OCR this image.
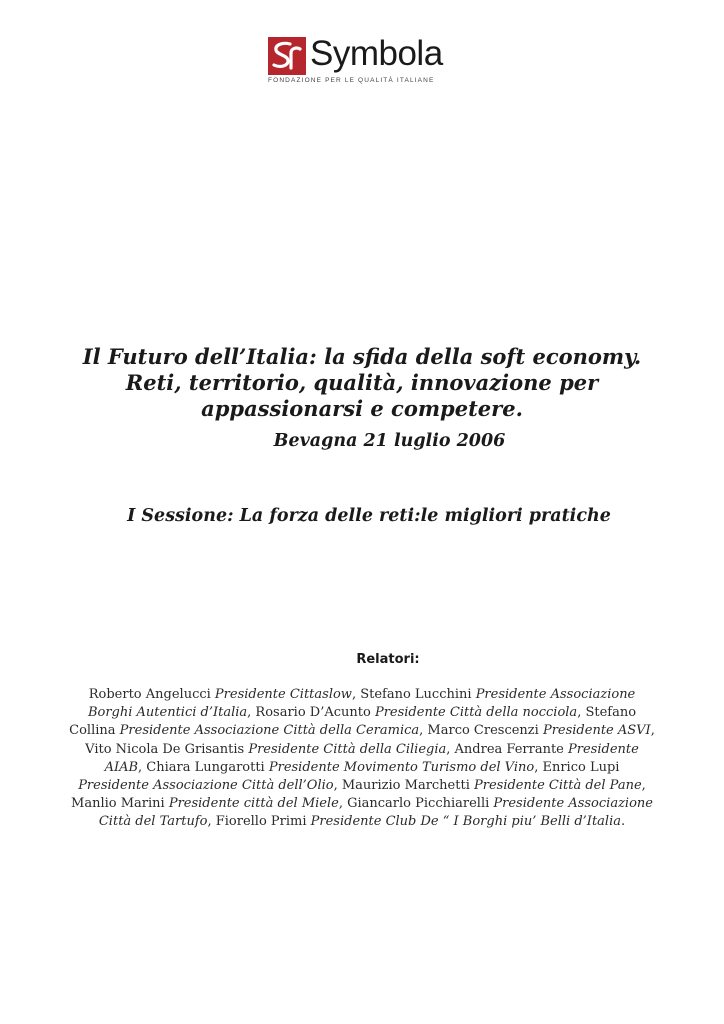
Symbola
FONDAZIONE PER LE QUALITÀ ITALIANE
Il Futuro dell’Italia: la sfida della soft economy.
Reti, territorio, qualità, innovazione per
appassionarsi e competere.
Bevagna 21 luglio 2006
I Sessione: La forza delle reti:le migliori pratiche
Relatori:
Roberto Angelucci Presidente Cittaslow, Stefano Lucchini Presidente Associazione
Borghi Autentici d’Italia, Rosario D’Acunto Presidente Città della nocciola, Stefano
Collina Presidente Associazione Città della Ceramica, Marco Crescenzi Presidente ASVI,
Vito Nicola De Grisantis Presidente Città della Ciliegia, Andrea Ferrante Presidente
AIAB, Chiara Lungarotti Presidente Movimento Turismo del Vino, Enrico Lupi
Presidente Associazione Città dell’Olio, Maurizio Marchetti Presidente Città del Pane,
Manlio Marini Presidente città del Miele, Giancarlo Picchiarelli Presidente Associazione
Città del Tartufo, Fiorello Primi Presidente Club De “ I Borghi piu’ Belli d’Italia.
